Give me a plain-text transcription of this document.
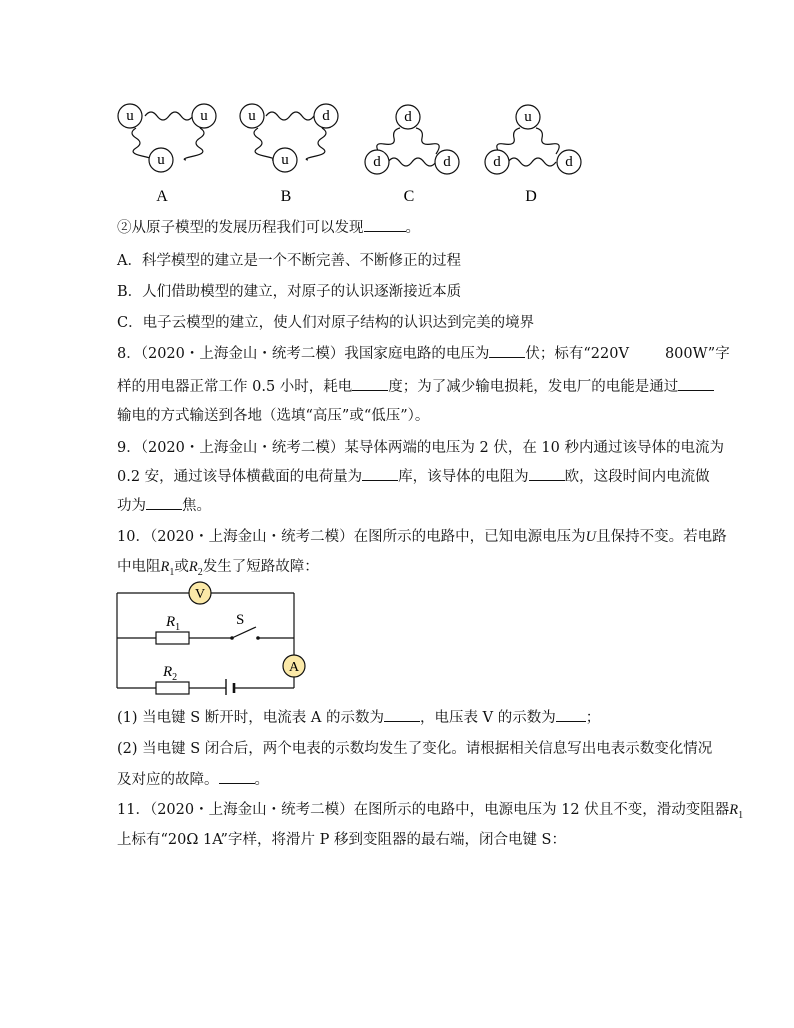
u	u
u
A
u	d
u
B
d
d	d
C
u
d	d
D
②从原子模型的发展历程我们可以发现	。
A．科学模型的建立是一个不断完善、不断修正的过程
B．人们借助模型的建立，对原子的认识逐渐接近本质
C．电子云模型的建立，使人们对原子结构的认识达到完美的境界
8．（2020・上海金山・统考二模）我国家庭电路的电压为 伏；标有“220V 800W”字
样的用电器正常工作 0.5 小时，耗电 度；为了减少输电损耗，发电厂的电能是通过
输电的方式输送到各地（选填“高压”或“低压”）。
9．（2020・上海金山・统考二模）某导体两端的电压为 2 伏，在 10 秒内通过该导体的电流为
0.2 安，通过该导体横截面的电荷量为 库，该导体的电阻为 欧，这段时间内电流做
功为 焦。
10．（2020・上海金山・统考二模）在图所示的电路中，已知电源电压为U且保持不变。若电路
中电阻$R_1$或$R_2$发生了短路故障：
V
A
$R_1$
$R_2$
S
(1) 当电键 S 断开时，电流表 A 的示数为 ，电压表 V 的示数为 ；
(2) 当电键 S 闭合后，两个电表的示数均发生了变化。请根据相关信息写出电表示数变化情况
及对应的故障。 。
11．（2020・上海金山・统考二模）在图所示的电路中，电源电压为 12 伏且不变，滑动变阻器$R_1$
上标有“20Ω 1A”字样，将滑片 P 移到变阻器的最右端，闭合电键 S：
